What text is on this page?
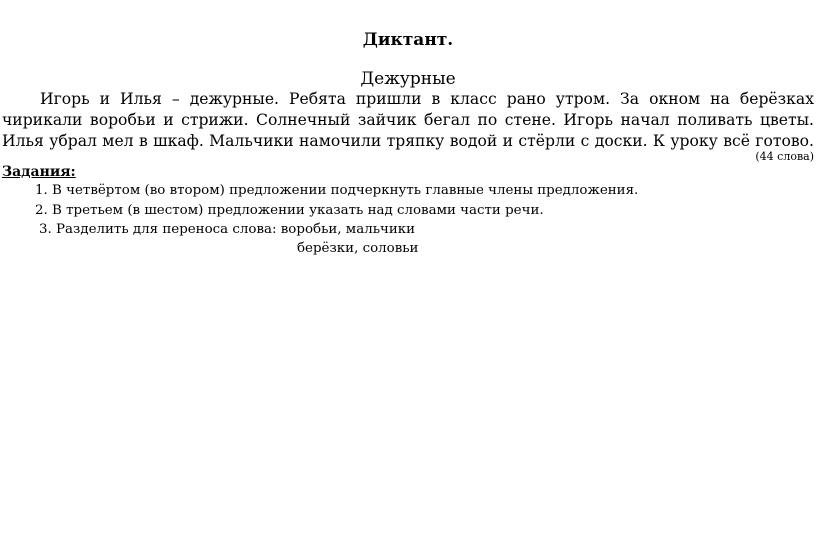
Диктант.
Дежурные
Игорь и Илья – дежурные. Ребята пришли в класс рано утром. За окном на берёзках
чирикали воробьи и стрижи. Солнечный зайчик бегал по стене. Игорь начал поливать цветы.
Илья убрал мел в шкаф. Мальчики намочили тряпку водой и стёрли с доски. К уроку всё готово.
(44 слова)
Задания:
1. В четвёртом (во втором) предложении подчеркнуть главные члены предложения.
2. В третьем (в шестом) предложении указать над словами части речи.
3. Разделить для переноса слова: воробьи, мальчики
берёзки, соловьи
